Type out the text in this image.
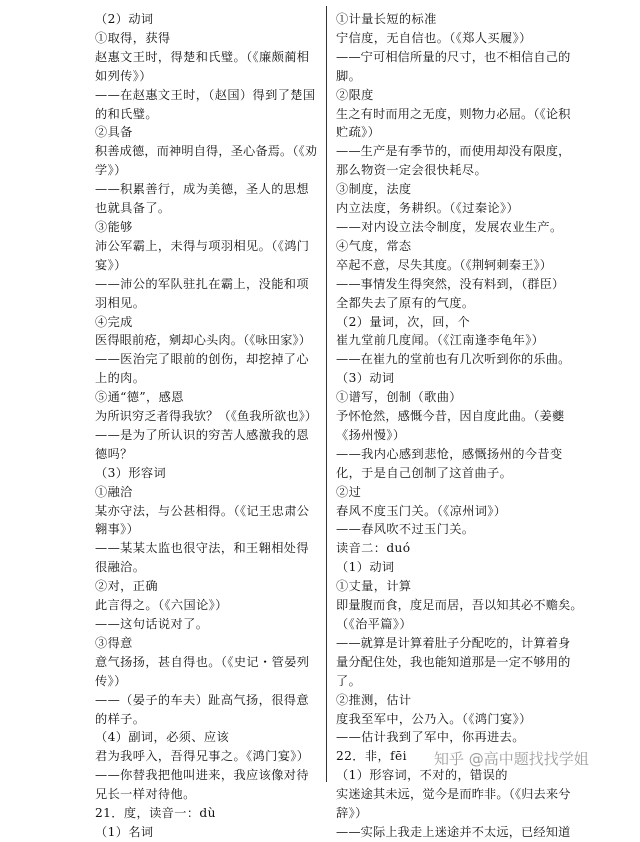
（2）动词
①取得，获得
赵惠文王时，得楚和氏璧。（《廉颇蔺相
如列传》）
——在赵惠文王时，（赵国）得到了楚国
的和氏璧。
②具备
积善成德，而神明自得，圣心备焉。（《劝
学》）
——积累善行，成为美德，圣人的思想
也就具备了。
③能够
沛公军霸上，未得与项羽相见。（《鸿门
宴》）
——沛公的军队驻扎在霸上，没能和项
羽相见。
④完成
医得眼前疮，剜却心头肉。（《咏田家》）
——医治完了眼前的创伤，却挖掉了心
上的肉。
⑤通“德”，感恩
为所识穷乏者得我欤？（《鱼我所欲也》）
——是为了所认识的穷苦人感激我的恩
德吗？
（3）形容词
①融洽
某亦守法，与公甚相得。（《记王忠肃公
翱事》）
——某某太监也很守法，和王翱相处得
很融洽。
②对，正确
此言得之。（《六国论》）
——这句话说对了。
③得意
意气扬扬，甚自得也。（《史记・管晏列
传》）
——（晏子的车夫）趾高气扬，很得意
的样子。
（4）副词，必须、应该
君为我呼入，吾得兄事之。《鸿门宴》）
——你替我把他叫进来，我应该像对待
兄长一样对待他。
21．度，读音一：dù
（1）名词
①计量长短的标准
宁信度，无自信也。（《郑人买履》）
——宁可相信所量的尺寸，也不相信自己的
脚。
②限度
生之有时而用之无度，则物力必屈。（《论积
贮疏》）
——生产是有季节的，而使用却没有限度，
那么物资一定会很快耗尽。
③制度，法度
内立法度，务耕织。（《过秦论》）
——对内设立法令制度，发展农业生产。
④气度，常态
卒起不意，尽失其度。（《荆轲刺秦王》）
——事情发生得突然，没有料到，（群臣）
全都失去了原有的气度。
（2）量词，次，回，个
崔九堂前几度闻。（《江南逢李龟年》）
——在崔九的堂前也有几次听到你的乐曲。
（3）动词
①谱写，创制（歌曲）
予怀怆然，感慨今昔，因自度此曲。（姜夔
《扬州慢》）
——我内心感到悲怆，感慨扬州的今昔变
化，于是自己创制了这首曲子。
②过
春风不度玉门关。（《凉州词》）
——春风吹不过玉门关。
读音二：duó
（1）动词
①丈量，计算
即量腹而食，度足而居，吾以知其必不赡矣。
（《治平篇》）
——就算是计算着肚子分配吃的，计算着身
量分配住处，我也能知道那是一定不够用的
了。
②推测，估计
度我至军中，公乃入。（《鸿门宴》）
——估计我到了军中，你再进去。
22．非，fēi
（1）形容词，不对的，错误的
实迷途其未远，觉今是而昨非。（《归去来兮
辞》）
——实际上我走上迷途并不太远，已经知道
知乎 @高中题找找学姐
